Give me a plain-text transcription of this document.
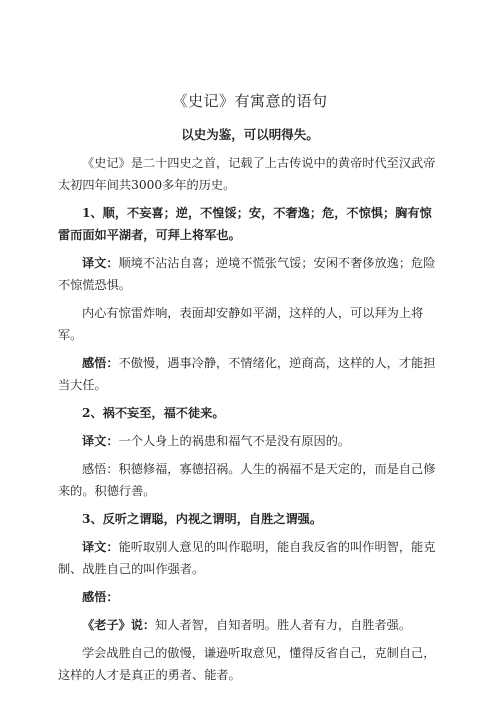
《史记》有寓意的语句
以史为鉴，可以明得失。

《史记》是二十四史之首，记载了上古传说中的黄帝时代至汉武帝太初四年间共3000多年的历史。

1、顺，不妄喜；逆，不惶馁；安，不奢逸；危，不惊惧；胸有惊雷而面如平湖者，可拜上将军也。

译文：顺境不沾沾自喜；逆境不慌张气馁；安闲不奢侈放逸；危险不惊慌恐惧。

内心有惊雷炸响，表面却安静如平湖，这样的人，可以拜为上将军。

感悟：不傲慢，遇事冷静，不情绪化，逆商高，这样的人，才能担当大任。

2、祸不妄至，福不徒来。

译文：一个人身上的祸患和福气不是没有原因的。

感悟：积德修福，寡德招祸。人生的祸福不是天定的，而是自己修来的。积德行善。

3、反听之谓聪，内视之谓明，自胜之谓强。

译文：能听取别人意见的叫作聪明，能自我反省的叫作明智，能克制、战胜自己的叫作强者。

感悟：

《老子》说：知人者智，自知者明。胜人者有力，自胜者强。

学会战胜自己的傲慢，谦逊听取意见，懂得反省自己，克制自己，这样的人才是真正的勇者、能者。
